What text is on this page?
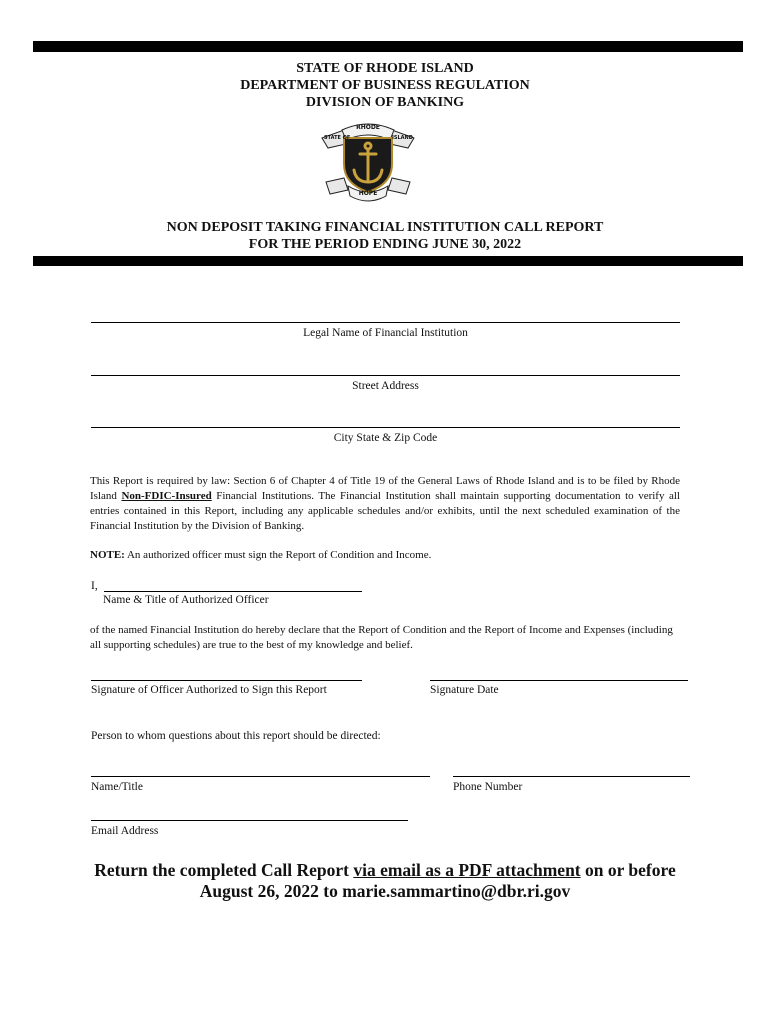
STATE OF RHODE ISLAND
DEPARTMENT OF BUSINESS REGULATION
DIVISION OF BANKING
RHODE
STATE OF	ISLAND
HOPE
NON DEPOSIT TAKING FINANCIAL INSTITUTION CALL REPORT
FOR THE PERIOD ENDING JUNE 30, 2022
Legal Name of Financial Institution
Street Address
City State & Zip Code
This Report is required by law: Section 6 of Chapter 4 of Title 19 of the General Laws of Rhode Island and is to be filed by Rhode Island Non-FDIC-Insured Financial Institutions. The Financial Institution shall maintain supporting documentation to verify all entries contained in this Report, including any applicable schedules and/or exhibits, until the next scheduled examination of the Financial Institution by the Division of Banking.
NOTE: An authorized officer must sign the Report of Condition and Income.
I,
Name & Title of Authorized Officer
of the named Financial Institution do hereby declare that the Report of Condition and the Report of Income and Expenses (including all supporting schedules) are true to the best of my knowledge and belief.
Signature of Officer Authorized to Sign this Report	Signature Date
Person to whom questions about this report should be directed:
Name/Title	Phone Number
Email Address
Return the completed Call Report via email as a PDF attachment on or before
August 26, 2022 to marie.sammartino@dbr.ri.gov
